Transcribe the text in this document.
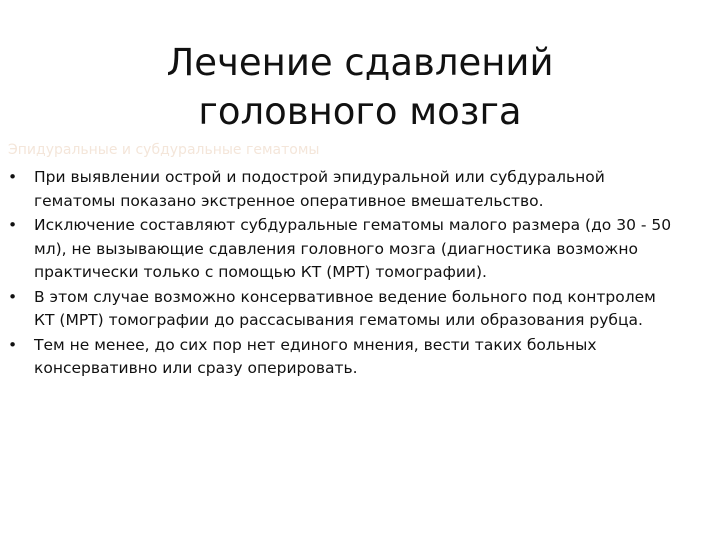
Лечение сдавлений
головного мозга
Эпидуральные и субдуральные гематомы
•	При выявлении острой и подострой эпидуральной или субдуральной
гематомы показано экстренное оперативное вмешательство.
•	Исключение составляют субдуральные гематомы малого размера (до 30 - 50
мл), не вызывающие сдавления головного мозга (диагностика возможно
практически только с помощью КТ (МРТ) томографии).
•	В этом случае возможно консервативное ведение больного под контролем
КТ (МРТ) томографии до рассасывания гематомы или образования рубца.
•	Тем не менее, до сих пор нет единого мнения, вести таких больных
консервативно или сразу оперировать.
